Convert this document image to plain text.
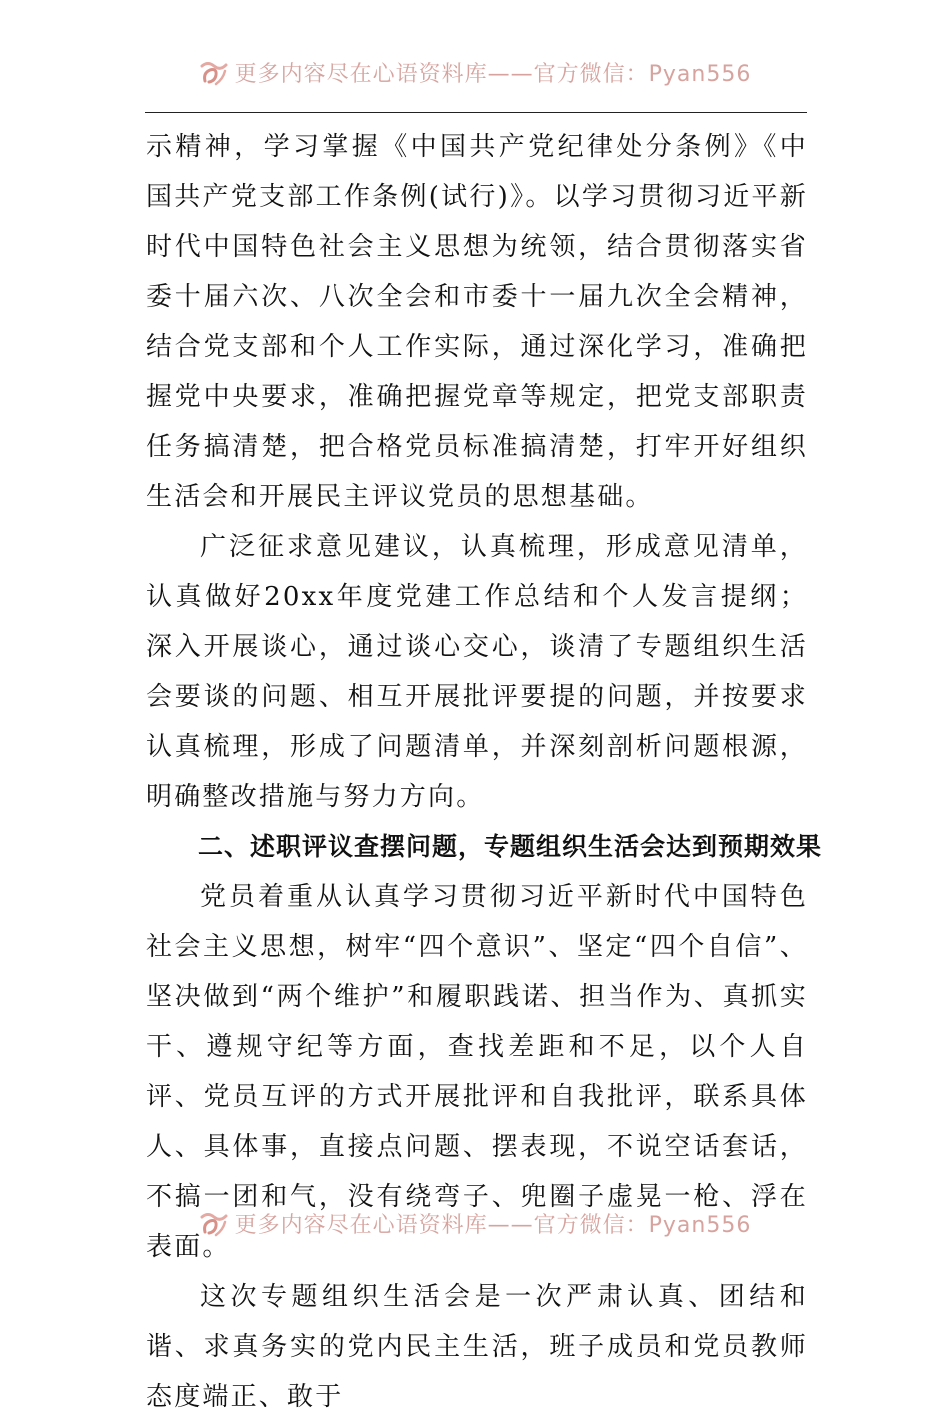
更多内容尽在心语资料库——官方微信：Pyan556

示精神，学习掌握《中国共产党纪律处分条例》《中国共产党支部工作条例(试行)》。以学习贯彻习近平新时代中国特色社会主义思想为统领，结合贯彻落实省委十届六次、八次全会和市委十一届九次全会精神，结合党支部和个人工作实际，通过深化学习，准确把握党中央要求，准确把握党章等规定，把党支部职责任务搞清楚，把合格党员标准搞清楚，打牢开好组织生活会和开展民主评议党员的思想基础。

广泛征求意见建议，认真梳理，形成意见清单，认真做好20xx年度党建工作总结和个人发言提纲；深入开展谈心，通过谈心交心，谈清了专题组织生活会要谈的问题、相互开展批评要提的问题，并按要求认真梳理，形成了问题清单，并深刻剖析问题根源，明确整改措施与努力方向。

二、述职评议查摆问题，专题组织生活会达到预期效果

党员着重从认真学习贯彻习近平新时代中国特色社会主义思想，树牢“四个意识”、坚定“四个自信”、坚决做到“两个维护”和履职践诺、担当作为、真抓实干、遵规守纪等方面，查找差距和不足，以个人自评、党员互评的方式开展批评和自我批评，联系具体人、具体事，直接点问题、摆表现，不说空话套话，不搞一团和气，没有绕弯子、兜圈子虚晃一枪、浮在表面。

这次专题组织生活会是一次严肃认真、团结和谐、求真务实的党内民主生活，班子成员和党员教师态度端正、敢于

更多内容尽在心语资料库——官方微信：Pyan556
